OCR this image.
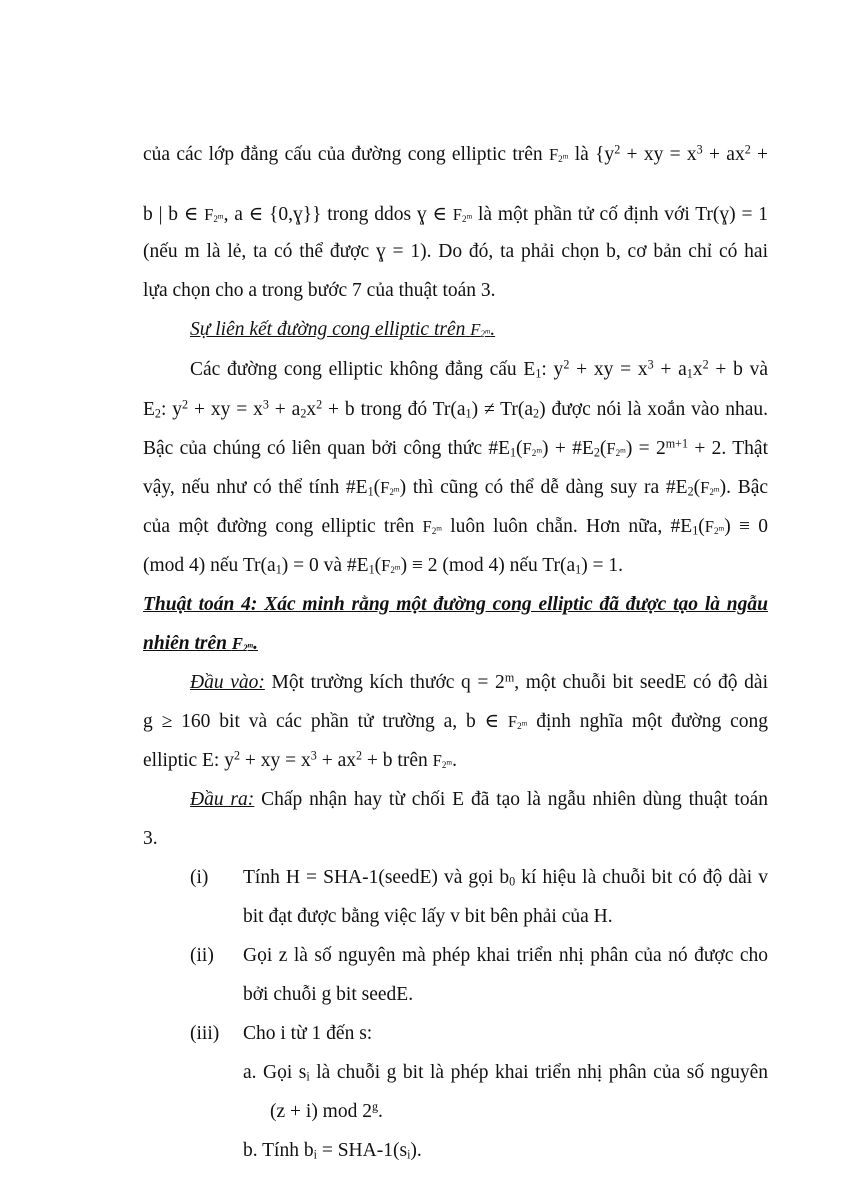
của các lớp đẳng cấu của đường cong elliptic trên $F_{2^m}$ là {$y^2$ + xy = $x^3 + ax^2$ +
b | b ∈ $F_{2^m}$, a ∈ {0,ɣ}} trong ddos ɣ ∈ $F_{2^m}$ là một phần tử cố định với Tr(ɣ) = 1
(nếu m là lẻ, ta có thể được ɣ = 1). Do đó, ta phải chọn b, cơ bản chỉ có hai
lựa chọn cho a trong bước 7 của thuật toán 3.
Sự liên kết đường cong elliptic trên $F_{2^m}$.
Các đường cong elliptic không đẳng cấu $E_1$: $y^2$ + xy = $x^3 + a_1x^2 + b$ và
$E_2$: $y^2$ + xy = $x^3 + a_2x^2 + b$ trong đó $Tr(a_1) \ne Tr(a_2)$ được nói là xoắn vào nhau.
Bậc của chúng có liên quan bởi công thức $\#E_1(F_{2^m})$ + $\#E_2(F_{2^m}) = 2^{m+1} + 2$. Thật
vậy, nếu như có thể tính $\#E_1(F_{2^m})$ thì cũng có thể dễ dàng suy ra $\#E_2(F_{2^m})$. Bậc
của một đường cong elliptic trên $F_{2^m}$ luôn luôn chẵn. Hơn nữa, $\#E_1(F_{2^m}) \equiv 0$
(mod 4) nếu $Tr(a_1) = 0$ và $\#E_1(F_{2^m}) \equiv 2$ (mod 4) nếu $Tr(a_1) = 1$.
Thuật toán 4: Xác minh rằng một đường cong elliptic đã được tạo là ngẫu
nhiên trên $F_{2^m}$.
Đầu vào: Một trường kích thước $q = 2^m$, một chuỗi bit seedE có độ dài
g ≥ 160 bit và các phần tử trường a, b ∈ $F_{2^m}$ định nghĩa một đường cong
elliptic E: $y^2$ + xy = $x^3 + ax^2 + b$ trên $F_{2^m}$.
Đầu ra: Chấp nhận hay từ chối E đã tạo là ngẫu nhiên dùng thuật toán
3.
(i) Tính H = SHA-1(seedE) và gọi $b_0$ kí hiệu là chuỗi bit có độ dài v
bit đạt được bằng việc lấy v bit bên phải của H.
(ii) Gọi z là số nguyên mà phép khai triển nhị phân của nó được cho
bởi chuỗi g bit seedE.
(iii) Cho i từ 1 đến s:
a. Gọi $s_i$ là chuỗi g bit là phép khai triển nhị phân của số nguyên
(z + i) mod 2$^g$.
b. Tính $b_i = SHA-1(s_i)$.
